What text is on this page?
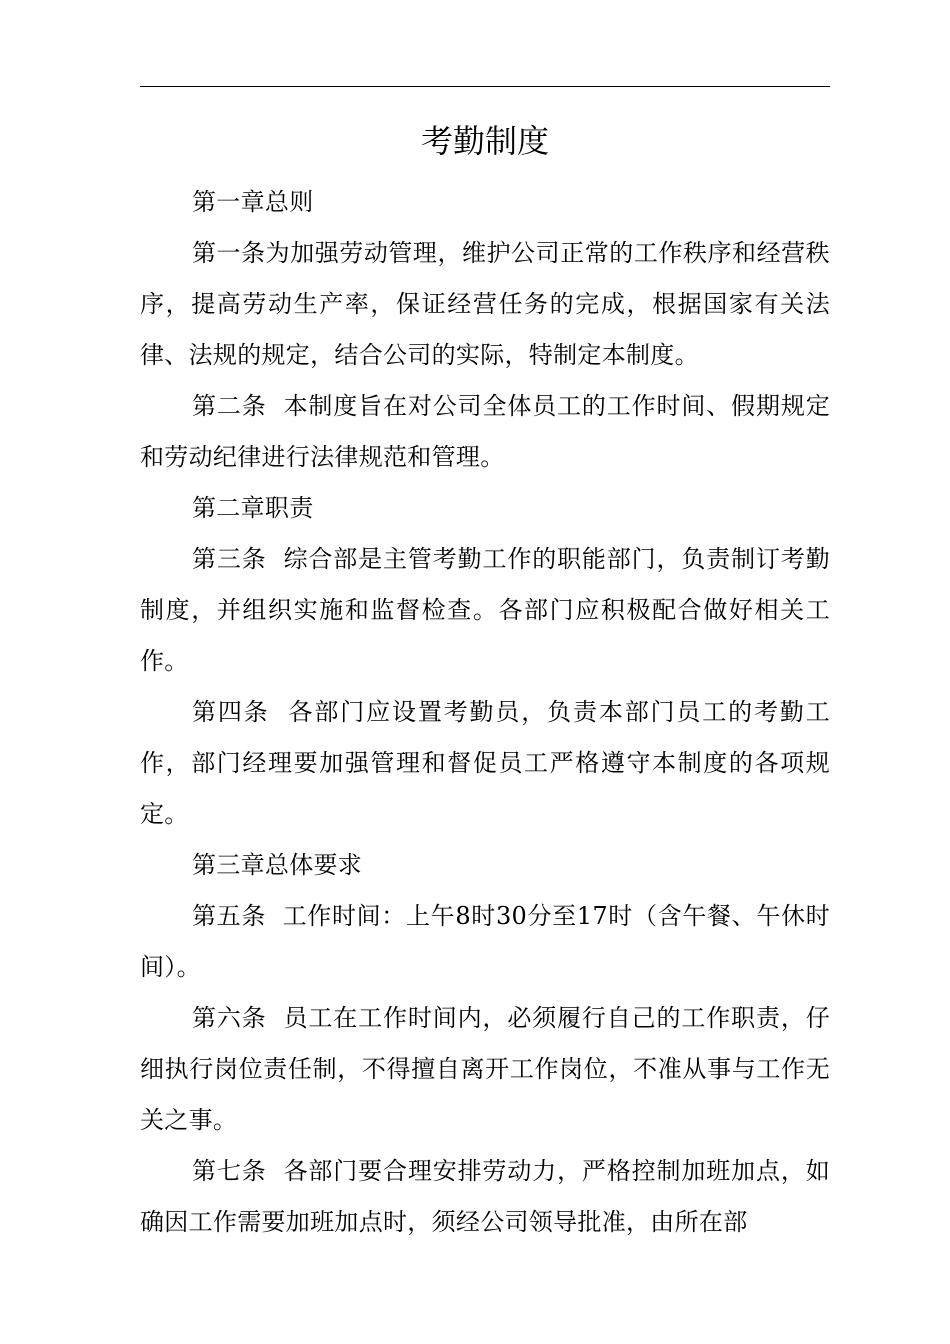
考勤制度

第一章总则

第一条为加强劳动管理，维护公司正常的工作秩序和经营秩序，提高劳动生产率，保证经营任务的完成，根据国家有关法律、法规的规定，结合公司的实际，特制定本制度。

第二条  本制度旨在对公司全体员工的工作时间、假期规定和劳动纪律进行法律规范和管理。

第二章职责

第三条  综合部是主管考勤工作的职能部门，负责制订考勤制度，并组织实施和监督检查。各部门应积极配合做好相关工作。

第四条  各部门应设置考勤员，负责本部门员工的考勤工作，部门经理要加强管理和督促员工严格遵守本制度的各项规定。

第三章总体要求

第五条  工作时间：上午8时30分至17时（含午餐、午休时间）。

第六条  员工在工作时间内，必须履行自己的工作职责，仔细执行岗位责任制，不得擅自离开工作岗位，不准从事与工作无关之事。

第七条  各部门要合理安排劳动力，严格控制加班加点，如确因工作需要加班加点时，须经公司领导批准，由所在部
